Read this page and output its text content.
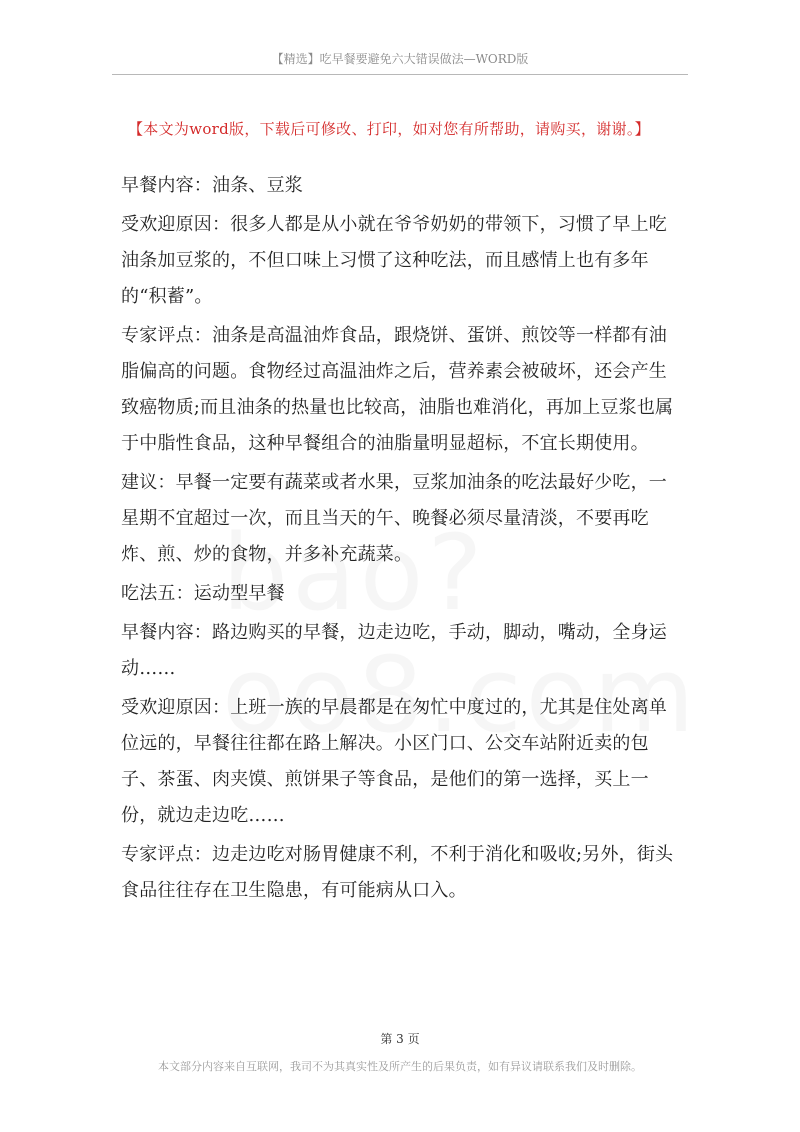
【精选】吃早餐要避免六大错误做法—WORD版
【本文为word版，下载后可修改、打印，如对您有所帮助，请购买，谢谢。】

早餐内容：油条、豆浆

受欢迎原因：很多人都是从小就在爷爷奶奶的带领下，习惯了早上吃油条加豆浆的，不但口味上习惯了这种吃法，而且感情上也有多年的“积蓄”。

专家评点：油条是高温油炸食品，跟烧饼、蛋饼、煎饺等一样都有油脂偏高的问题。食物经过高温油炸之后，营养素会被破坏，还会产生致癌物质;而且油条的热量也比较高，油脂也难消化，再加上豆浆也属于中脂性食品，这种早餐组合的油脂量明显超标，不宜长期使用。

建议：早餐一定要有蔬菜或者水果，豆浆加油条的吃法最好少吃，一星期不宜超过一次，而且当天的午、晚餐必须尽量清淡，不要再吃炸、煎、炒的食物，并多补充蔬菜。

吃法五：运动型早餐

早餐内容：路边购买的早餐，边走边吃，手动，脚动，嘴动，全身运动……

受欢迎原因：上班一族的早晨都是在匆忙中度过的，尤其是住处离单位远的，早餐往往都在路上解决。小区门口、公交车站附近卖的包子、茶蛋、肉夹馍、煎饼果子等食品，是他们的第一选择，买上一份，就边走边吃……

专家评点：边走边吃对肠胃健康不利，不利于消化和吸收;另外，街头食品往往存在卫生隐患，有可能病从口入。

第 3 页
本文部分内容来自互联网，我司不为其真实性及所产生的后果负责，如有异议请联系我们及时删除。
